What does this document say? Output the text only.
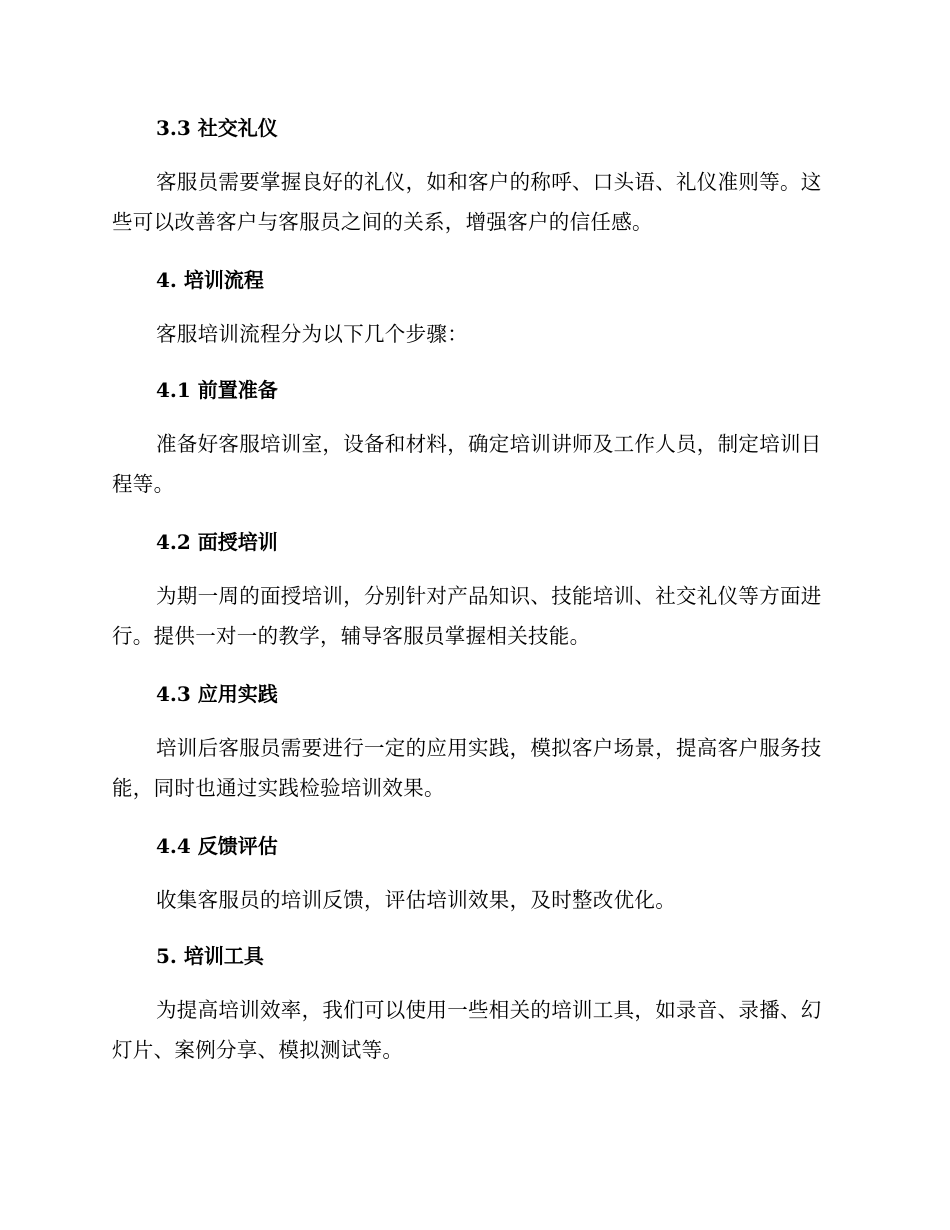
3.3 社交礼仪
客服员需要掌握良好的礼仪，如和客户的称呼、口头语、礼仪准则等。这些可以改善客户与客服员之间的关系，增强客户的信任感。
4. 培训流程
客服培训流程分为以下几个步骤：
4.1 前置准备
准备好客服培训室，设备和材料，确定培训讲师及工作人员，制定培训日程等。
4.2 面授培训
为期一周的面授培训，分别针对产品知识、技能培训、社交礼仪等方面进行。提供一对一的教学，辅导客服员掌握相关技能。
4.3 应用实践
培训后客服员需要进行一定的应用实践，模拟客户场景，提高客户服务技能，同时也通过实践检验培训效果。
4.4 反馈评估
收集客服员的培训反馈，评估培训效果，及时整改优化。
5. 培训工具
为提高培训效率，我们可以使用一些相关的培训工具，如录音、录播、幻灯片、案例分享、模拟测试等。
